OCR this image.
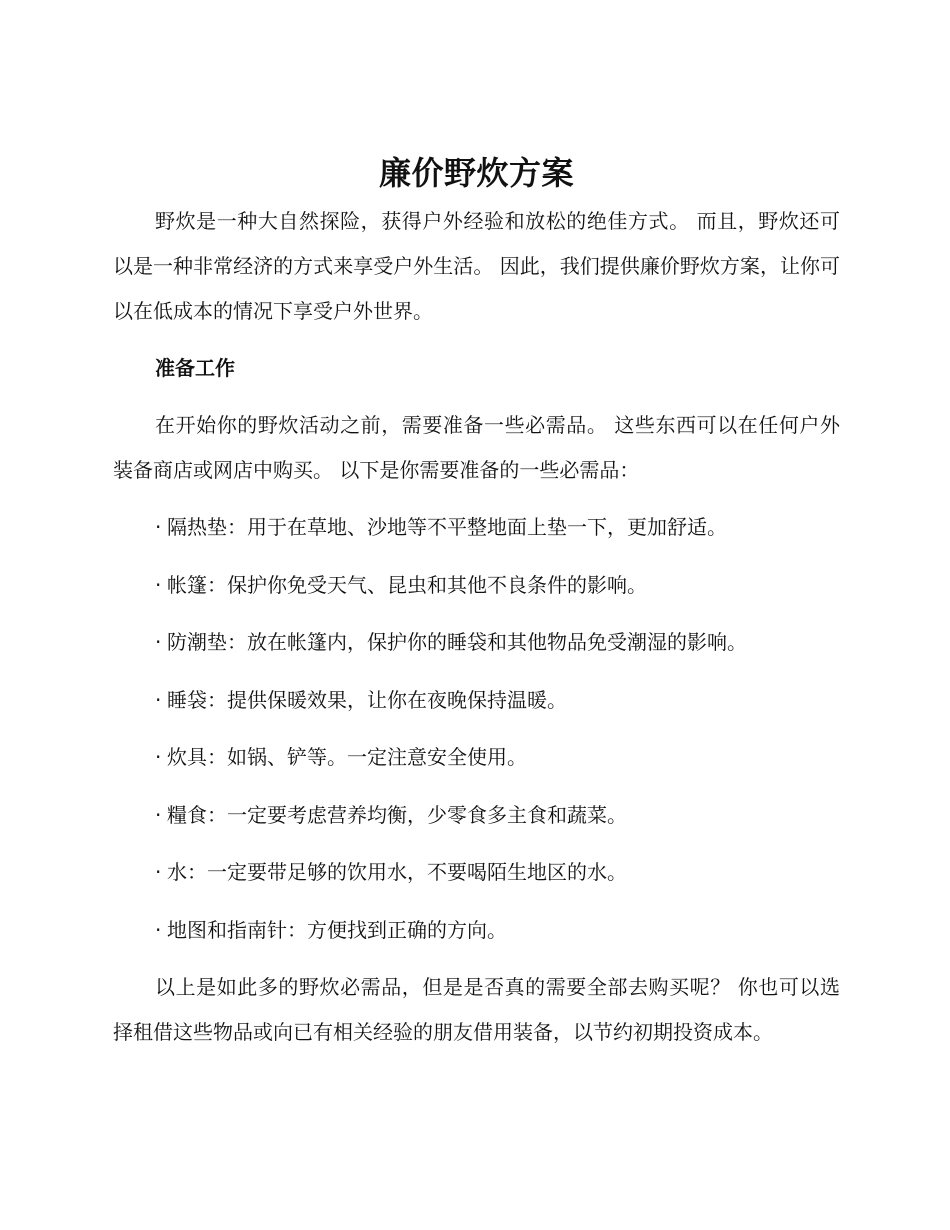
廉价野炊方案

野炊是一种大自然探险，获得户外经验和放松的绝佳方式。 而且，野炊还可以是一种非常经济的方式来享受户外生活。 因此，我们提供廉价野炊方案，让你可以在低成本的情况下享受户外世界。

准备工作

在开始你的野炊活动之前，需要准备一些必需品。 这些东西可以在任何户外装备商店或网店中购买。 以下是你需要准备的一些必需品：

· 隔热垫：用于在草地、沙地等不平整地面上垫一下，更加舒适。
· 帐篷：保护你免受天气、昆虫和其他不良条件的影响。
· 防潮垫：放在帐篷内，保护你的睡袋和其他物品免受潮湿的影响。
· 睡袋：提供保暖效果，让你在夜晚保持温暖。
· 炊具：如锅、铲等。一定注意安全使用。
· 糧食：一定要考虑营养均衡，少零食多主食和蔬菜。
· 水：一定要带足够的饮用水，不要喝陌生地区的水。
· 地图和指南针：方便找到正确的方向。

以上是如此多的野炊必需品，但是是否真的需要全部去购买呢？ 你也可以选择租借这些物品或向已有相关经验的朋友借用装备，以节约初期投资成本。
